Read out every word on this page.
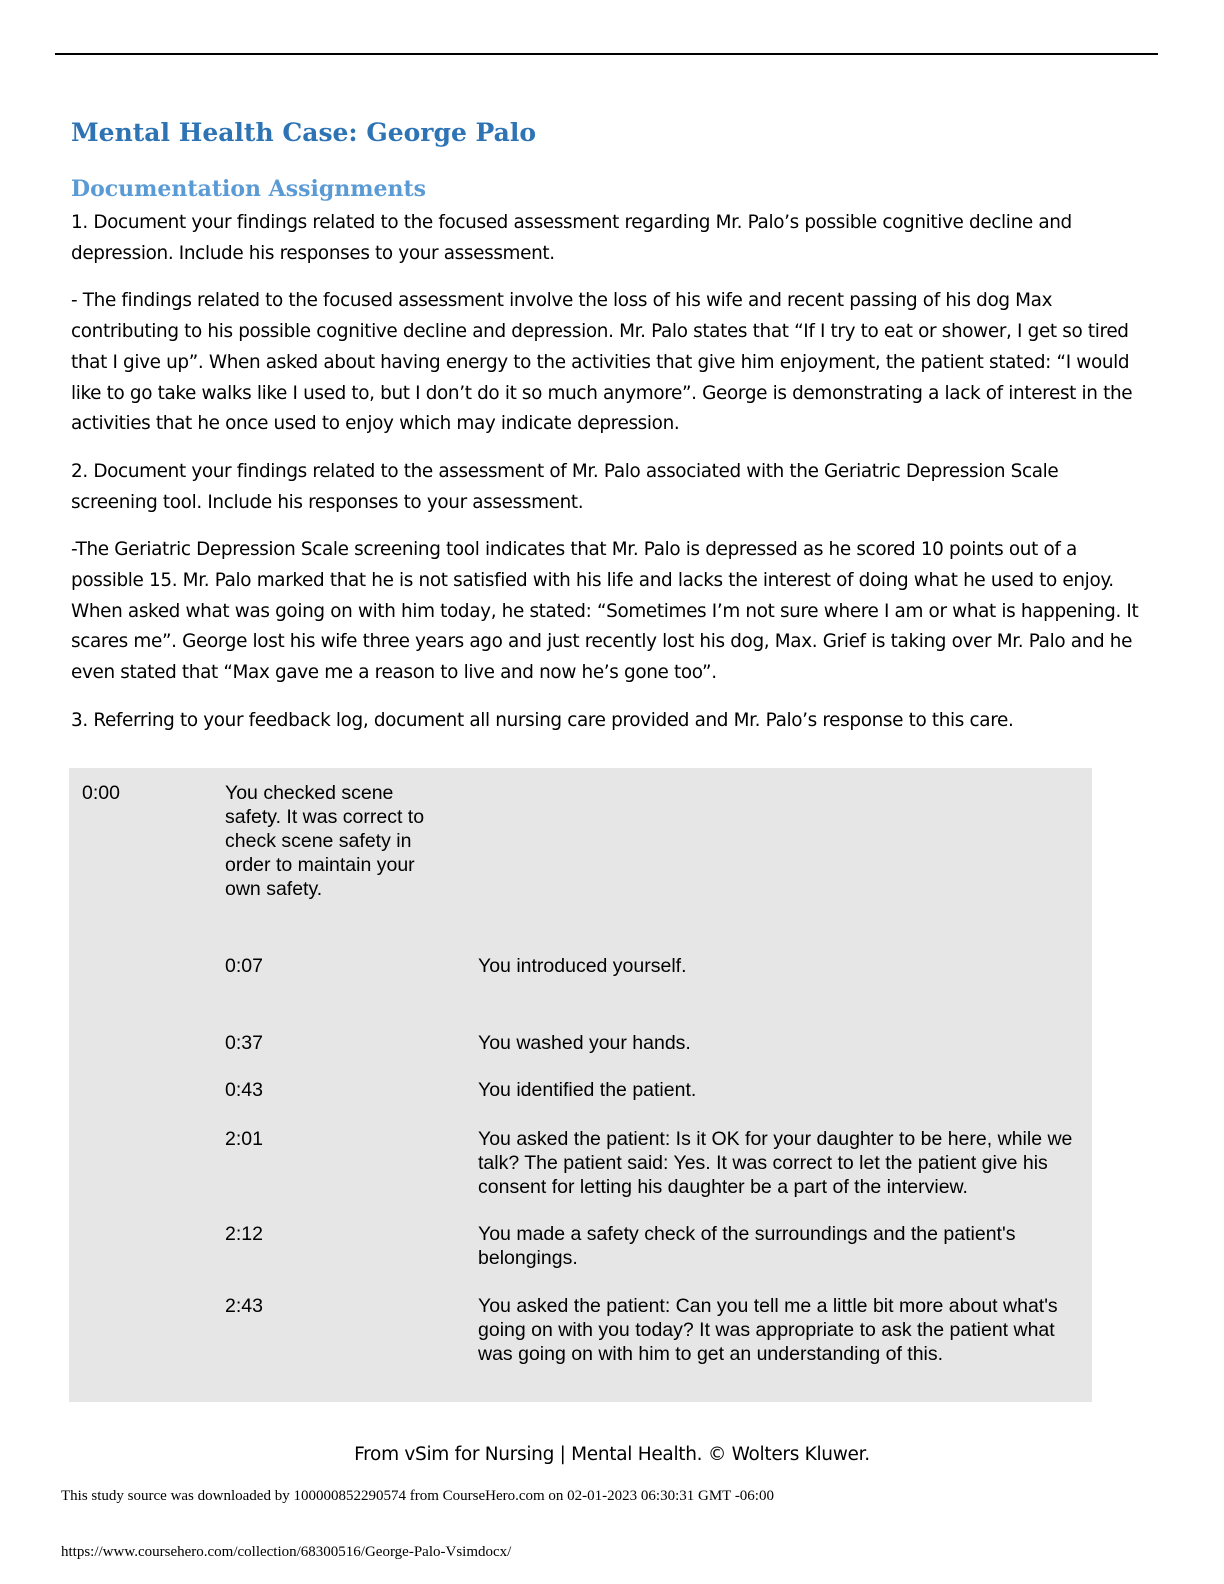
Mental Health Case: George Palo
Documentation Assignments

1. Document your findings related to the focused assessment regarding Mr. Palo’s possible cognitive decline and depression. Include his responses to your assessment.

- The findings related to the focused assessment involve the loss of his wife and recent passing of his dog Max contributing to his possible cognitive decline and depression. Mr. Palo states that “If I try to eat or shower, I get so tired that I give up”. When asked about having energy to the activities that give him enjoyment, the patient stated: “I would like to go take walks like I used to, but I don’t do it so much anymore”. George is demonstrating a lack of interest in the activities that he once used to enjoy which may indicate depression.

2. Document your findings related to the assessment of Mr. Palo associated with the Geriatric Depression Scale screening tool. Include his responses to your assessment.

-The Geriatric Depression Scale screening tool indicates that Mr. Palo is depressed as he scored 10 points out of a possible 15. Mr. Palo marked that he is not satisfied with his life and lacks the interest of doing what he used to enjoy. When asked what was going on with him today, he stated: “Sometimes I’m not sure where I am or what is happening. It scares me”. George lost his wife three years ago and just recently lost his dog, Max. Grief is taking over Mr. Palo and he even stated that “Max gave me a reason to live and now he’s gone too”.

3. Referring to your feedback log, document all nursing care provided and Mr. Palo’s response to this care.

0:00	You checked scene safety. It was correct to check scene safety in order to maintain your own safety.
0:07	You introduced yourself.
0:37	You washed your hands.
0:43	You identified the patient.
2:01	You asked the patient: Is it OK for your daughter to be here, while we talk? The patient said: Yes. It was correct to let the patient give his consent for letting his daughter be a part of the interview.
2:12	You made a safety check of the surroundings and the patient's belongings.
2:43	You asked the patient: Can you tell me a little bit more about what's going on with you today? It was appropriate to ask the patient what was going on with him to get an understanding of this.
From vSim for Nursing | Mental Health. © Wolters Kluwer.
This study source was downloaded by 100000852290574 from CourseHero.com on 02-01-2023 06:30:31 GMT -06:00
https://www.coursehero.com/collection/68300516/George-Palo-Vsimdocx/
